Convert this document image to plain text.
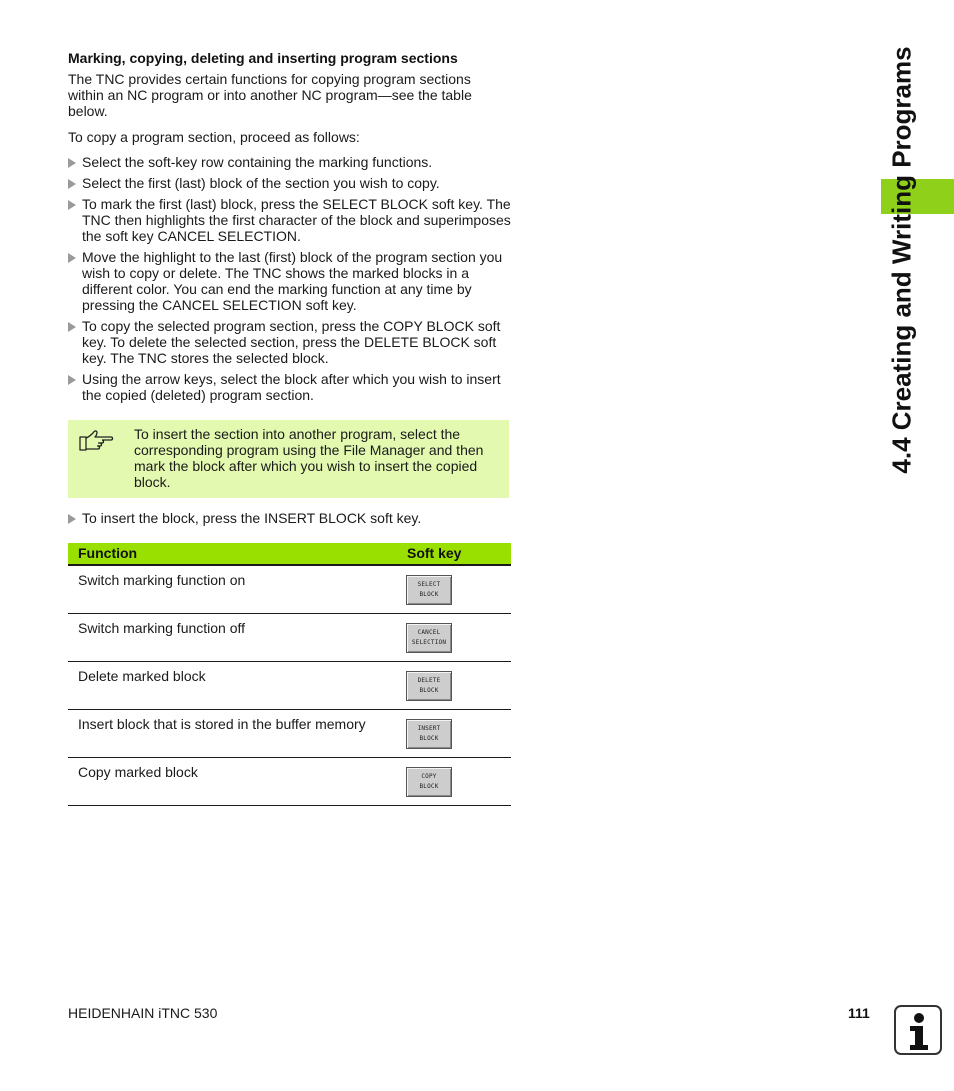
Marking, copying, deleting and inserting program sections
The TNC provides certain functions for copying program sections within an NC program or into another NC program—see the table below.
To copy a program section, proceed as follows:
Select the soft-key row containing the marking functions.
Select the first (last) block of the section you wish to copy.
To mark the first (last) block, press the SELECT BLOCK soft key. The TNC then highlights the first character of the block and superimposes the soft key CANCEL SELECTION.
Move the highlight to the last (first) block of the program section you wish to copy or delete. The TNC shows the marked blocks in a different color. You can end the marking function at any time by pressing the CANCEL SELECTION soft key.
To copy the selected program section, press the COPY BLOCK soft key. To delete the selected section, press the DELETE BLOCK soft key. The TNC stores the selected block.
Using the arrow keys, select the block after which you wish to insert the copied (deleted) program section.
To insert the section into another program, select the corresponding program using the File Manager and then mark the block after which you wish to insert the copied block.
To insert the block, press the INSERT BLOCK soft key.
Function	Soft key
Switch marking function on	SELECT
BLOCK
Switch marking function off	CANCEL
SELECTION
Delete marked block	DELETE
BLOCK
Insert block that is stored in the buffer memory	INSERT
BLOCK
Copy marked block	COPY
BLOCK
4.4 Creating and Writing Programs
HEIDENHAIN iTNC 530	111
